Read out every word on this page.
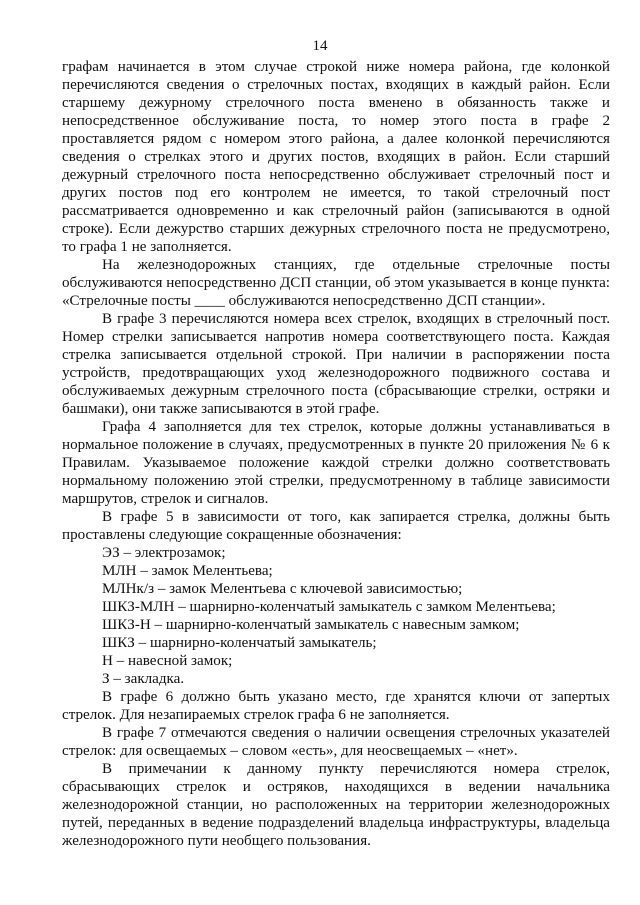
14

графам начинается в этом случае строкой ниже номера района, где колонкой перечисляются сведения о стрелочных постах, входящих в каждый район. Если старшему дежурному стрелочного поста вменено в обязанность также и непосредственное обслуживание поста, то номер этого поста в графе 2 проставляется рядом с номером этого района, а далее колонкой перечисляются сведения о стрелках этого и других постов, входящих в район. Если старший дежурный стрелочного поста непосредственно обслуживает стрелочный пост и других постов под его контролем не имеется, то такой стрелочный пост рассматривается одновременно и как стрелочный район (записываются в одной строке). Если дежурство старших дежурных стрелочного поста не предусмотрено, то графа 1 не заполняется.

На железнодорожных станциях, где отдельные стрелочные посты обслуживаются непосредственно ДСП станции, об этом указывается в конце пункта: «Стрелочные посты ____ обслуживаются непосредственно ДСП станции».

В графе 3 перечисляются номера всех стрелок, входящих в стрелочный пост. Номер стрелки записывается напротив номера соответствующего поста. Каждая стрелка записывается отдельной строкой. При наличии в распоряжении поста устройств, предотвращающих уход железнодорожного подвижного состава и обслуживаемых дежурным стрелочного поста (сбрасывающие стрелки, остряки и башмаки), они также записываются в этой графе.

Графа 4 заполняется для тех стрелок, которые должны устанавливаться в нормальное положение в случаях, предусмотренных в пункте 20 приложения № 6 к Правилам. Указываемое положение каждой стрелки должно соответствовать нормальному положению этой стрелки, предусмотренному в таблице зависимости маршрутов, стрелок и сигналов.

В графе 5 в зависимости от того, как запирается стрелка, должны быть проставлены следующие сокращенные обозначения:

ЭЗ – электрозамок;
МЛН – замок Мелентьева;
МЛНк/з – замок Мелентьева с ключевой зависимостью;
ШКЗ-МЛН – шарнирно-коленчатый замыкатель с замком Мелентьева;
ШКЗ-Н – шарнирно-коленчатый замыкатель с навесным замком;
ШКЗ – шарнирно-коленчатый замыкатель;
Н – навесной замок;
З – закладка.

В графе 6 должно быть указано место, где хранятся ключи от запертых стрелок. Для незапираемых стрелок графа 6 не заполняется.

В графе 7 отмечаются сведения о наличии освещения стрелочных указателей стрелок: для освещаемых – словом «есть», для неосвещаемых – «нет».

В примечании к данному пункту перечисляются номера стрелок, сбрасывающих стрелок и остряков, находящихся в ведении начальника железнодорожной станции, но расположенных на территории железнодорожных путей, переданных в ведение подразделений владельца инфраструктуры, владельца железнодорожного пути необщего пользования.
